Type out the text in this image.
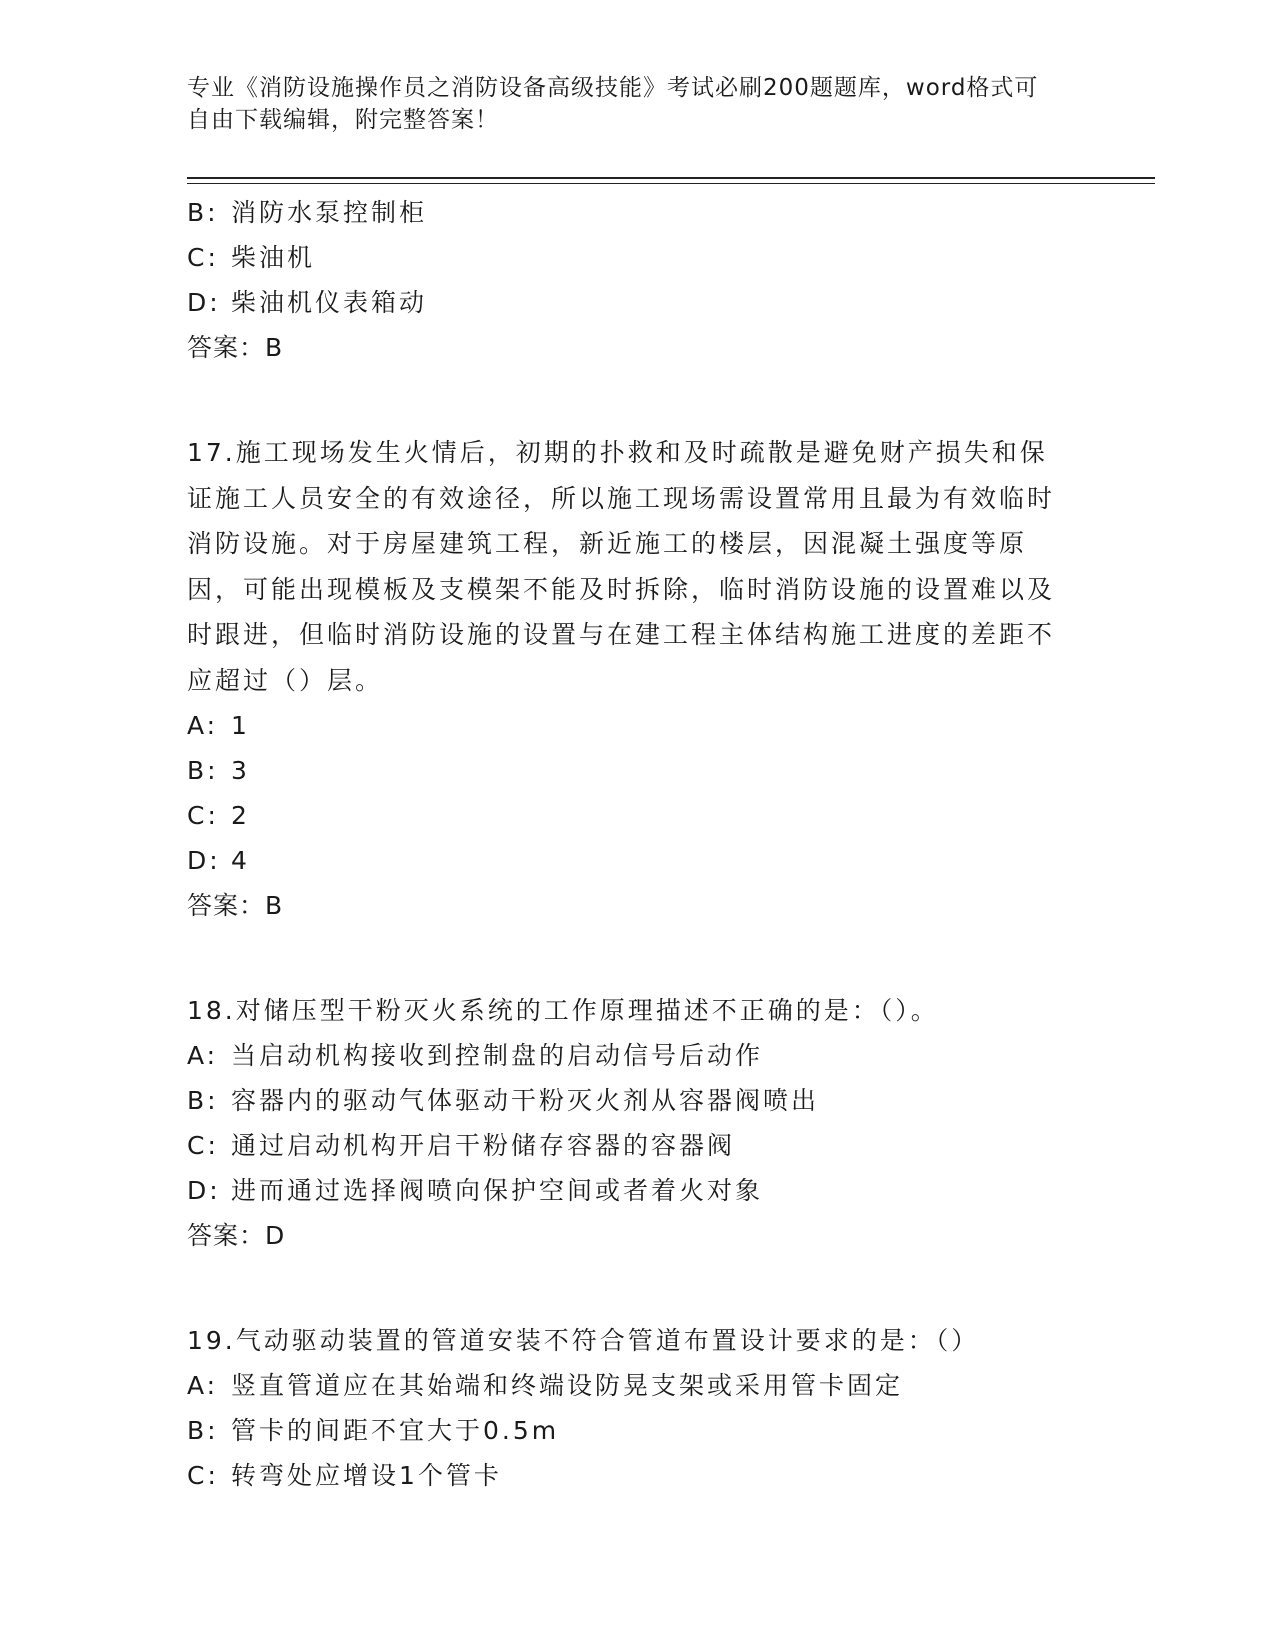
专业《消防设施操作员之消防设备高级技能》考试必刷200题题库，word格式可
自由下载编辑，附完整答案！
B: 消防水泵控制柜
C: 柴油机
D: 柴油机仪表箱动
答案：B
17.施工现场发生火情后，初期的扑救和及时疏散是避免财产损失和保证施工人员安全的有效途径，所以施工现场需设置常用且最为有效临时消防设施。对于房屋建筑工程，新近施工的楼层，因混凝土强度等原因，可能出现模板及支模架不能及时拆除，临时消防设施的设置难以及时跟进，但临时消防设施的设置与在建工程主体结构施工进度的差距不应超过（）层。
A: 1
B: 3
C: 2
D: 4
答案：B
18.对储压型干粉灭火系统的工作原理描述不正确的是：（）。
A: 当启动机构接收到控制盘的启动信号后动作
B: 容器内的驱动气体驱动干粉灭火剂从容器阀喷出
C: 通过启动机构开启干粉储存容器的容器阀
D: 进而通过选择阀喷向保护空间或者着火对象
答案：D
19.气动驱动装置的管道安装不符合管道布置设计要求的是：（）
A: 竖直管道应在其始端和终端设防晃支架或采用管卡固定
B: 管卡的间距不宜大于0.5m
C: 转弯处应增设1个管卡
